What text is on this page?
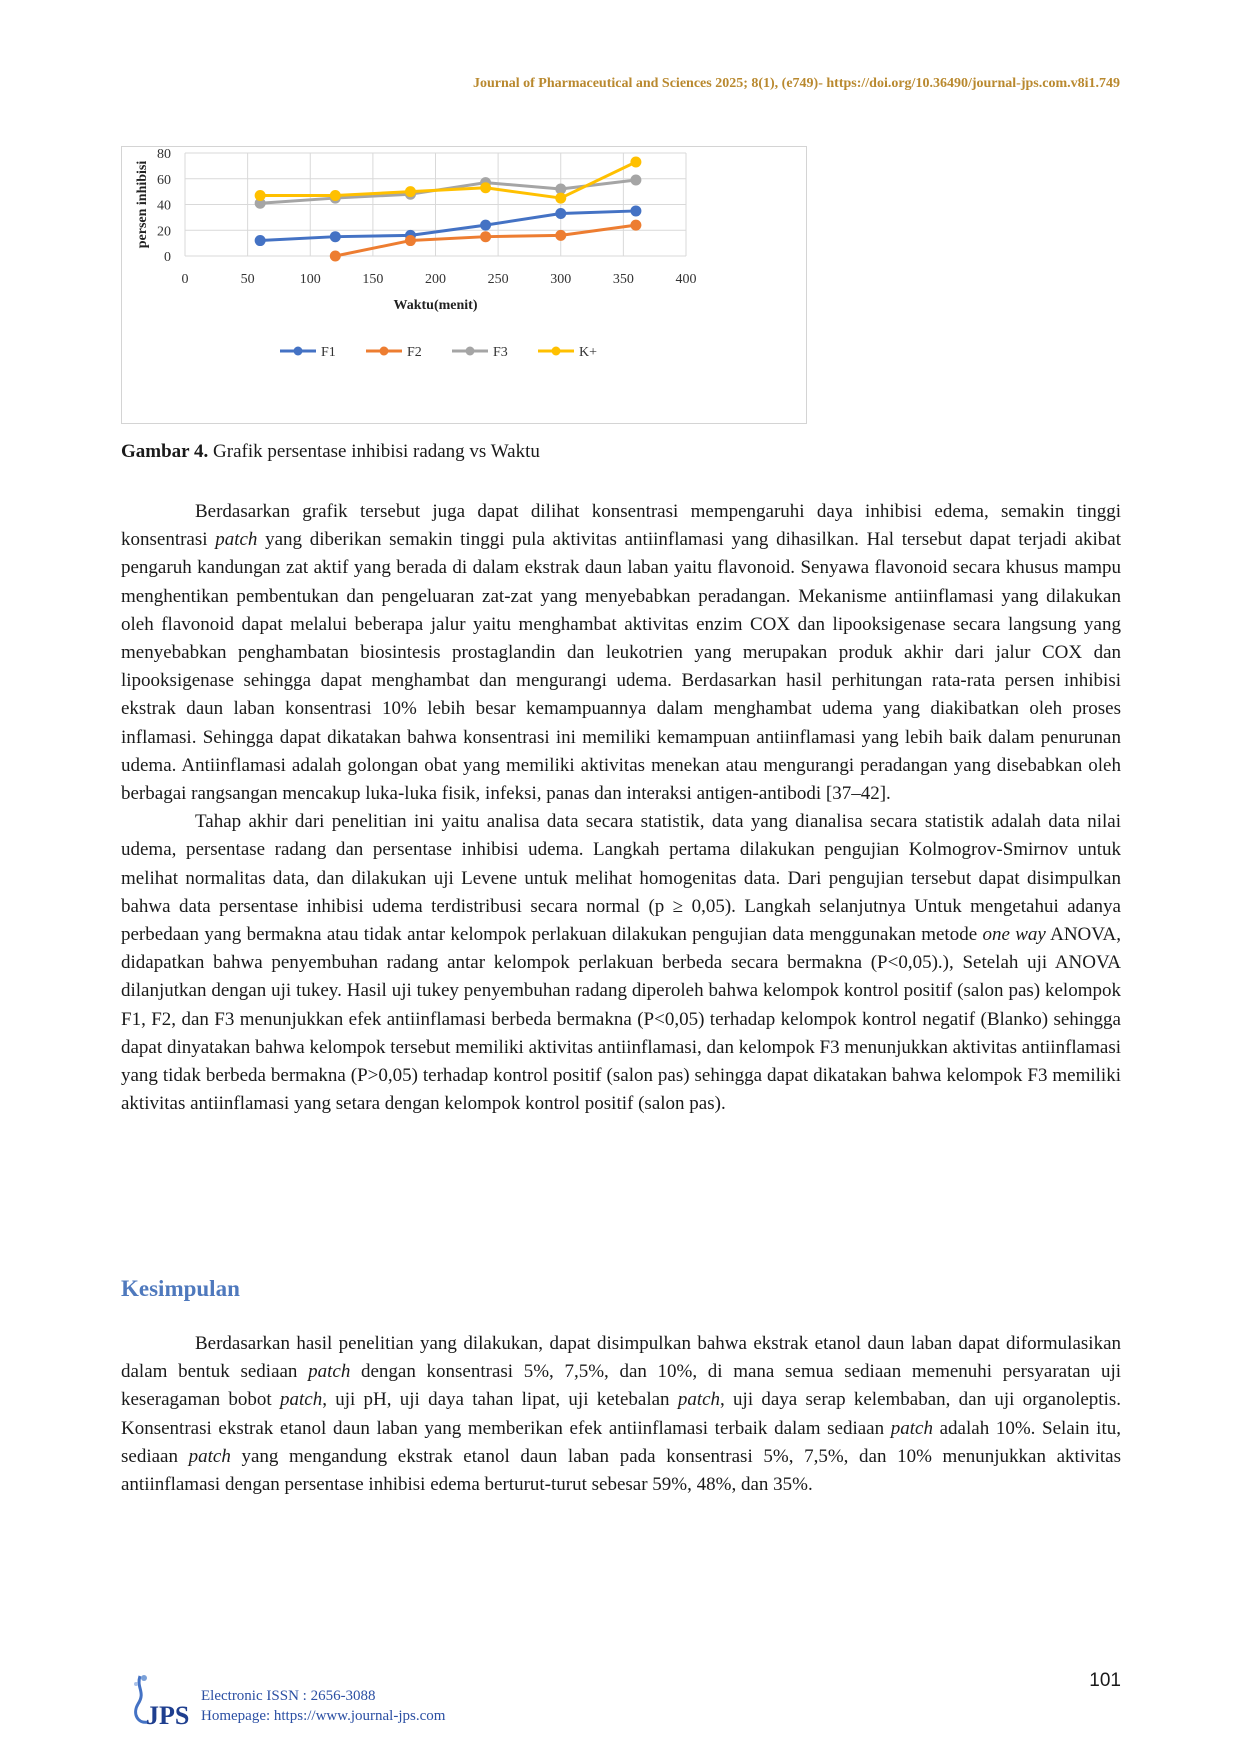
Journal of Pharmaceutical and Sciences 2025; 8(1), (e749)- https://doi.org/10.36490/journal-jps.com.v8i1.749
0
20
40
60
80
0	50	100	150	200	250	300	350	400
Waktu(menit)
persen inhibisi
F1	F2	F3	K+
Gambar 4. Grafik persentase inhibisi radang vs Waktu

Berdasarkan grafik tersebut juga dapat dilihat konsentrasi mempengaruhi daya inhibisi edema, semakin tinggi konsentrasi patch yang diberikan semakin tinggi pula aktivitas antiinflamasi yang dihasilkan. Hal tersebut dapat terjadi akibat pengaruh kandungan zat aktif yang berada di dalam ekstrak daun laban yaitu flavonoid. Senyawa flavonoid secara khusus mampu menghentikan pembentukan dan pengeluaran zat-zat yang menyebabkan peradangan. Mekanisme antiinflamasi yang dilakukan oleh flavonoid dapat melalui beberapa jalur yaitu menghambat aktivitas enzim COX dan lipooksigenase secara langsung yang menyebabkan penghambatan biosintesis prostaglandin dan leukotrien yang merupakan produk akhir dari jalur COX dan lipooksigenase sehingga dapat menghambat dan mengurangi udema. Berdasarkan hasil perhitungan rata-rata persen inhibisi ekstrak daun laban konsentrasi 10% lebih besar kemampuannya dalam menghambat udema yang diakibatkan oleh proses inflamasi. Sehingga dapat dikatakan bahwa konsentrasi ini memiliki kemampuan antiinflamasi yang lebih baik dalam penurunan udema. Antiinflamasi adalah golongan obat yang memiliki aktivitas menekan atau mengurangi peradangan yang disebabkan oleh berbagai rangsangan mencakup luka-luka fisik, infeksi, panas dan interaksi antigen-antibodi [37–42].

Tahap akhir dari penelitian ini yaitu analisa data secara statistik, data yang dianalisa secara statistik adalah data nilai udema, persentase radang dan persentase inhibisi udema. Langkah pertama dilakukan pengujian Kolmogrov-Smirnov untuk melihat normalitas data, dan dilakukan uji Levene untuk melihat homogenitas data. Dari pengujian tersebut dapat disimpulkan bahwa data persentase inhibisi udema terdistribusi secara normal (p ≥ 0,05). Langkah selanjutnya Untuk mengetahui adanya perbedaan yang bermakna atau tidak antar kelompok perlakuan dilakukan pengujian data menggunakan metode one way ANOVA, didapatkan bahwa penyembuhan radang antar kelompok perlakuan berbeda secara bermakna (P<0,05).), Setelah uji ANOVA dilanjutkan dengan uji tukey. Hasil uji tukey penyembuhan radang diperoleh bahwa kelompok kontrol positif (salon pas) kelompok F1, F2, dan F3 menunjukkan efek antiinflamasi berbeda bermakna (P<0,05) terhadap kelompok kontrol negatif (Blanko) sehingga dapat dinyatakan bahwa kelompok tersebut memiliki aktivitas antiinflamasi, dan kelompok F3 menunjukkan aktivitas antiinflamasi yang tidak berbeda bermakna (P>0,05) terhadap kontrol positif (salon pas) sehingga dapat dikatakan bahwa kelompok F3 memiliki aktivitas antiinflamasi yang setara dengan kelompok kontrol positif (salon pas).

Kesimpulan

Berdasarkan hasil penelitian yang dilakukan, dapat disimpulkan bahwa ekstrak etanol daun laban dapat diformulasikan dalam bentuk sediaan patch dengan konsentrasi 5%, 7,5%, dan 10%, di mana semua sediaan memenuhi persyaratan uji keseragaman bobot patch, uji pH, uji daya tahan lipat, uji ketebalan patch, uji daya serap kelembaban, dan uji organoleptis. Konsentrasi ekstrak etanol daun laban yang memberikan efek antiinflamasi terbaik dalam sediaan patch adalah 10%. Selain itu, sediaan patch yang mengandung ekstrak etanol daun laban pada konsentrasi 5%, 7,5%, dan 10% menunjukkan aktivitas antiinflamasi dengan persentase inhibisi edema berturut-turut sebesar 59%, 48%, dan 35%.

JPS
Electronic ISSN : 2656-3088
Homepage: https://www.journal-jps.com
101
